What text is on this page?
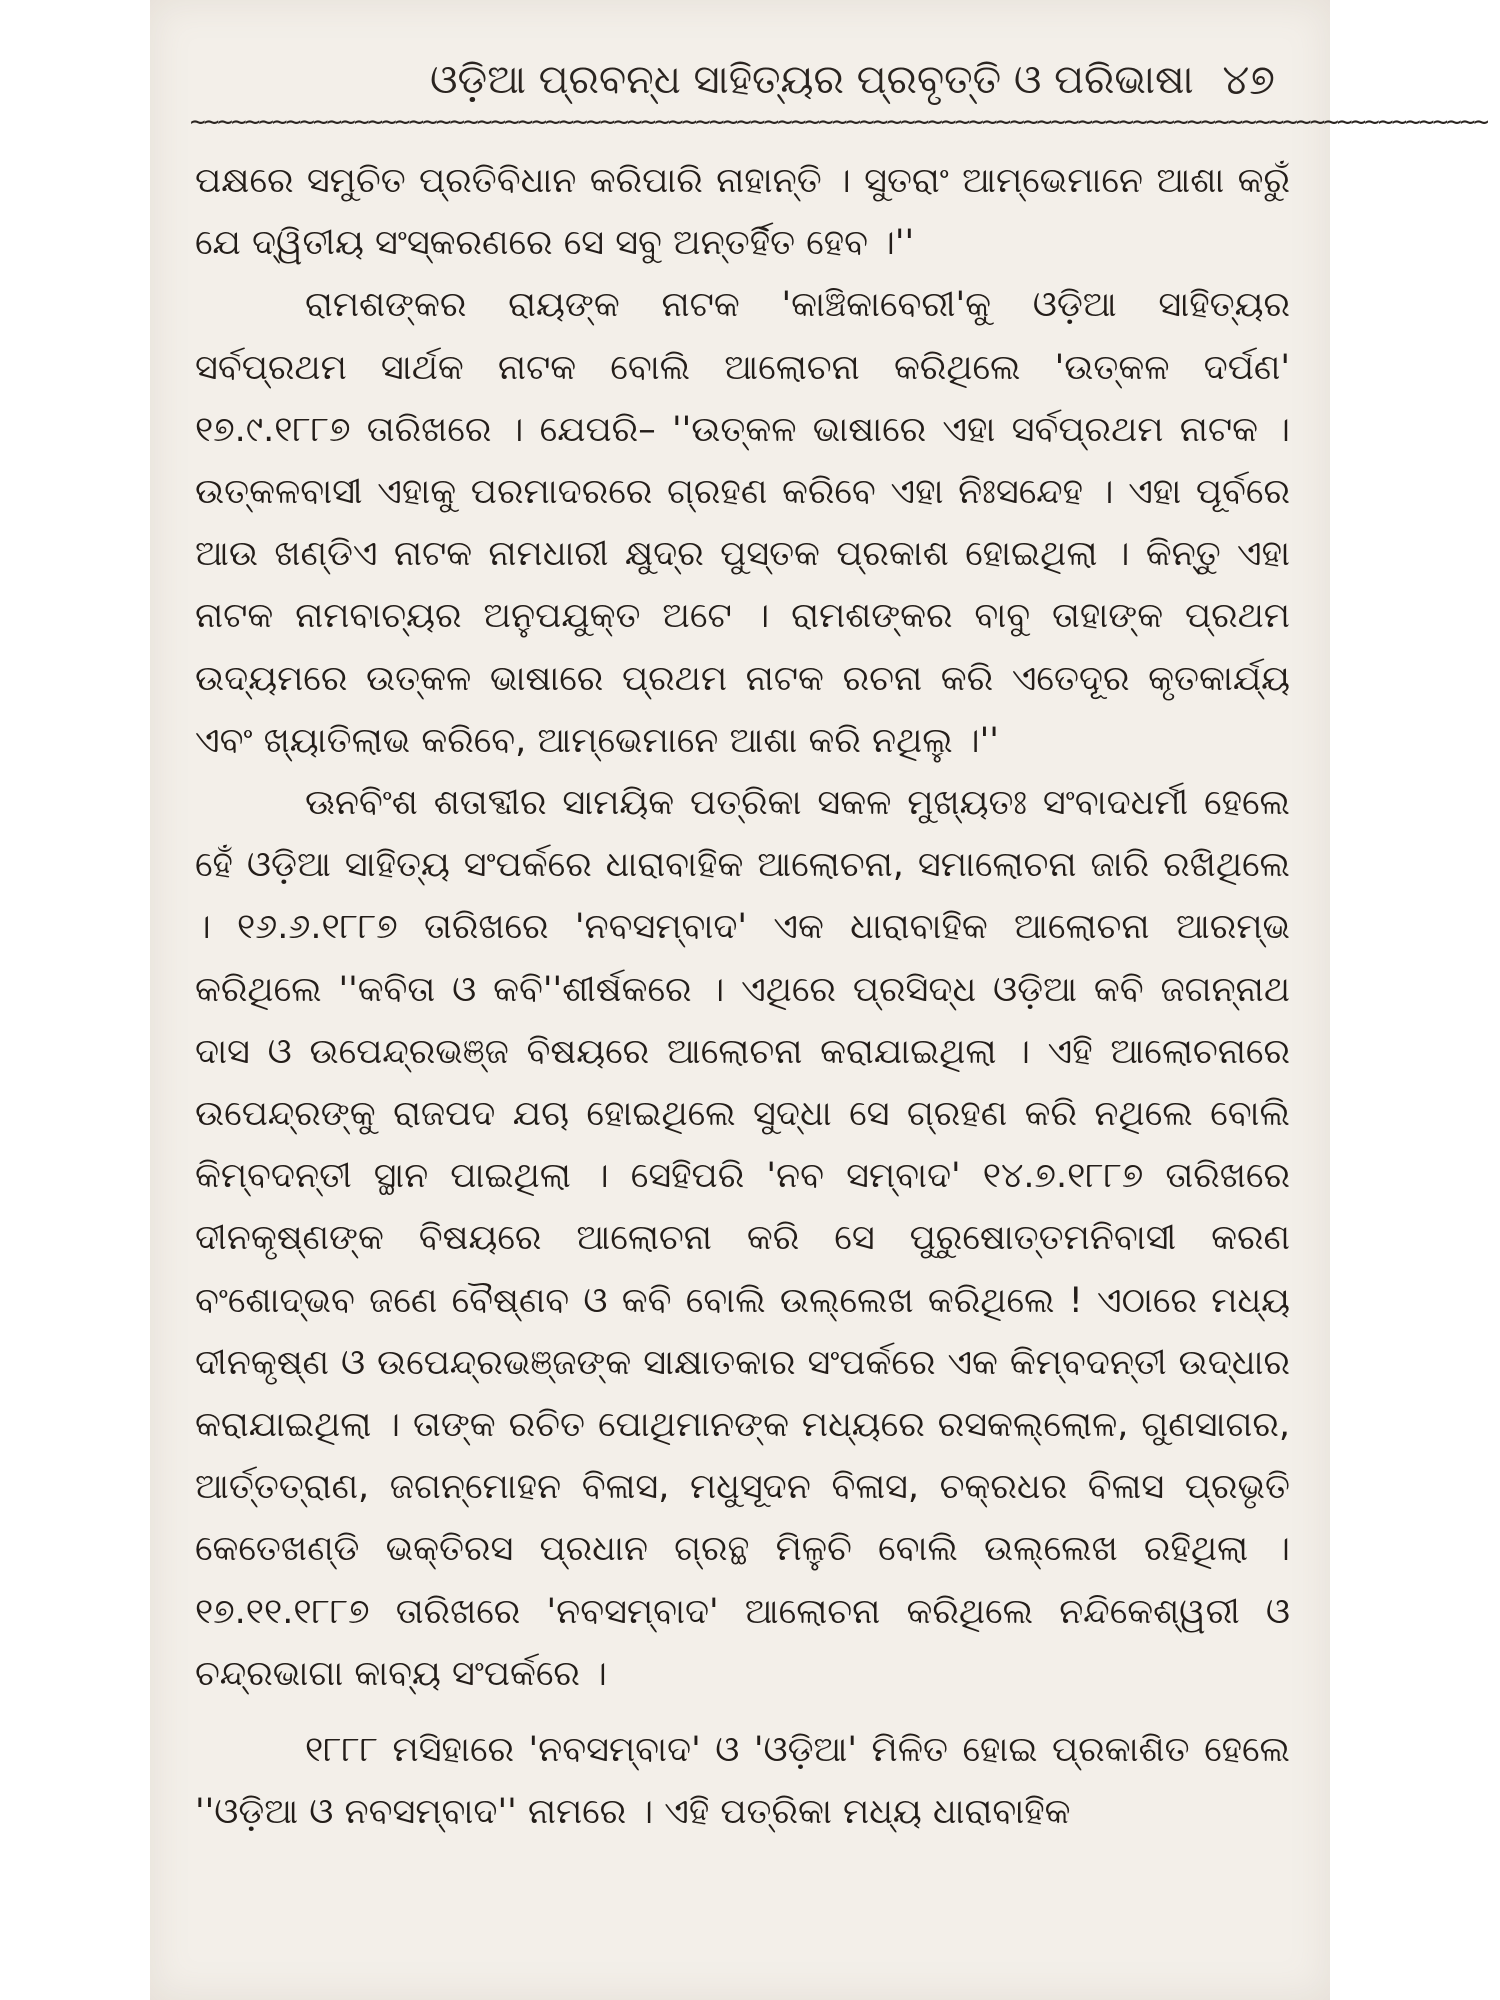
ଓଡ଼ିଆ ପ୍ରବନ୍ଧ ସାହିତ୍ୟର ପ୍ରବୃତ୍ତି ଓ ପରିଭାଷା ୪୭
~~~~~~~~~~~~~~~~~~~~~~~~~~~~~~~~~~~~~~~~~~~~~~~~~~~~~~~~~~~~~~~~~~~~~~~~~~~~~~~~~~~~~~~~~~~~~~~

ପକ୍ଷରେ ସମୁଚିତ ପ୍ରତିବିଧାନ କରିପାରି ନାହାନ୍ତି । ସୁତରାଂ ଆମ୍ଭେମାନେ ଆଶା କରୁଁ ଯେ ଦ୍ୱିତୀୟ ସଂସ୍କରଣରେ ସେ ସବୁ ଅନ୍ତର୍ହିତ ହେବ ।''

ରାମଶଙ୍କର ରାୟଙ୍କ ନାଟକ 'କାଞ୍ଚିକାବେରୀ'କୁ ଓଡ଼ିଆ ସାହିତ୍ୟର ସର୍ବପ୍ରଥମ ସାର୍ଥକ ନାଟକ ବୋଲି ଆଲୋଚନା କରିଥିଲେ 'ଉତ୍କଳ ଦର୍ପଣ' ୧୭.୯.୧୮୮୭ ତାରିଖରେ । ଯେପରି– ''ଉତ୍କଳ ଭାଷାରେ ଏହା ସର୍ବପ୍ରଥମ ନାଟକ । ଉତ୍କଳବାସୀ ଏହାକୁ ପରମାଦରରେ ଗ୍ରହଣ କରିବେ ଏହା ନିଃସନ୍ଦେହ । ଏହା ପୂର୍ବରେ ଆଉ ଖଣ୍ଡିଏ ନାଟକ ନାମଧାରୀ କ୍ଷୁଦ୍ର ପୁସ୍ତକ ପ୍ରକାଶ ହୋଇଥିଲା । କିନ୍ତୁ ଏହା ନାଟକ ନାମବାଚ୍ୟର ଅନୁପଯୁକ୍ତ ଅଟେ । ରାମଶଙ୍କର ବାବୁ ତାହାଙ୍କ ପ୍ରଥମ ଉଦ୍ୟମରେ ଉତ୍କଳ ଭାଷାରେ ପ୍ରଥମ ନାଟକ ରଚନା କରି ଏତେଦୂର କୃତକାର୍ଯ୍ୟ ଏବଂ ଖ୍ୟାତିଲାଭ କରିବେ, ଆମ୍ଭେମାନେ ଆଶା କରି ନଥିଲୁ ।''

ଊନବିଂଶ ଶତାବ୍ଦୀର ସାମୟିକ ପତ୍ରିକା ସକଳ ମୁଖ୍ୟତଃ ସଂବାଦଧର୍ମୀ ହେଲେ ହେଁ ଓଡ଼ିଆ ସାହିତ୍ୟ ସଂପର୍କରେ ଧାରାବାହିକ ଆଲୋଚନା, ସମାଲୋଚନା ଜାରି ରଖିଥିଲେ । ୧୬.୬.୧୮୮୭ ତାରିଖରେ 'ନବସମ୍ବାଦ' ଏକ ଧାରାବାହିକ ଆଲୋଚନା ଆରମ୍ଭ କରିଥିଲେ ''କବିତା ଓ କବି''ଶୀର୍ଷକରେ । ଏଥିରେ ପ୍ରସିଦ୍ଧ ଓଡ଼ିଆ କବି ଜଗନ୍ନାଥ ଦାସ ଓ ଉପେନ୍ଦ୍ରଭଞ୍ଜ ବିଷୟରେ ଆଲୋଚନା କରାଯାଇଥିଲା । ଏହି ଆଲୋଚନାରେ ଉପେନ୍ଦ୍ରଙ୍କୁ ରାଜପଦ ଯଚା ହୋଇଥିଲେ ସୁଦ୍ଧା ସେ ଗ୍ରହଣ କରି ନଥିଲେ ବୋଲି କିମ୍ବଦନ୍ତୀ ସ୍ଥାନ ପାଇଥିଲା । ସେହିପରି 'ନବ ସମ୍ବାଦ' ୧୪.୭.୧୮୮୭ ତାରିଖରେ ଦୀନକୃଷ୍ଣଙ୍କ ବିଷୟରେ ଆଲୋଚନା କରି ସେ ପୁରୁଷୋତ୍ତମନିବାସୀ କରଣ ବଂଶୋଦ୍ଭବ ଜଣେ ବୈଷ୍ଣବ ଓ କବି ବୋଲି ଉଲ୍ଲେଖ କରିଥିଲେ ! ଏଠାରେ ମଧ୍ୟ ଦୀନକୃଷ୍ଣ ଓ ଉପେନ୍ଦ୍ରଭଞ୍ଜଙ୍କ ସାକ୍ଷାତକାର ସଂପର୍କରେ ଏକ କିମ୍ବଦନ୍ତୀ ଉଦ୍ଧାର କରାଯାଇଥିଲା । ତାଙ୍କ ରଚିତ ପୋଥିମାନଙ୍କ ମଧ୍ୟରେ ରସକଲ୍ଲୋଳ, ଗୁଣସାଗର, ଆର୍ତ୍ତତ୍ରାଣ, ଜଗନ୍ମୋହନ ବିଳାସ, ମଧୁସୂଦନ ବିଳାସ, ଚକ୍ରଧର ବିଳାସ ପ୍ରଭୃତି କେତେଖଣ୍ଡି ଭକ୍ତିରସ ପ୍ରଧାନ ଗ୍ରନ୍ଥ ମିଳୁଚି ବୋଲି ଉଲ୍ଲେଖ ରହିଥିଲା । ୧୭.୧୧.୧୮୮୭ ତାରିଖରେ 'ନବସମ୍ବାଦ' ଆଲୋଚନା କରିଥିଲେ ନନ୍ଦିକେଶ୍ୱରୀ ଓ ଚନ୍ଦ୍ରଭାଗା କାବ୍ୟ ସଂପର୍କରେ ।

୧୮୮୮ ମସିହାରେ 'ନବସମ୍ବାଦ' ଓ 'ଓଡ଼ିଆ' ମିଳିତ ହୋଇ ପ୍ରକାଶିତ ହେଲେ ''ଓଡ଼ିଆ ଓ ନବସମ୍ବାଦ'' ନାମରେ । ଏହି ପତ୍ରିକା ମଧ୍ୟ ଧାରାବାହିକ
